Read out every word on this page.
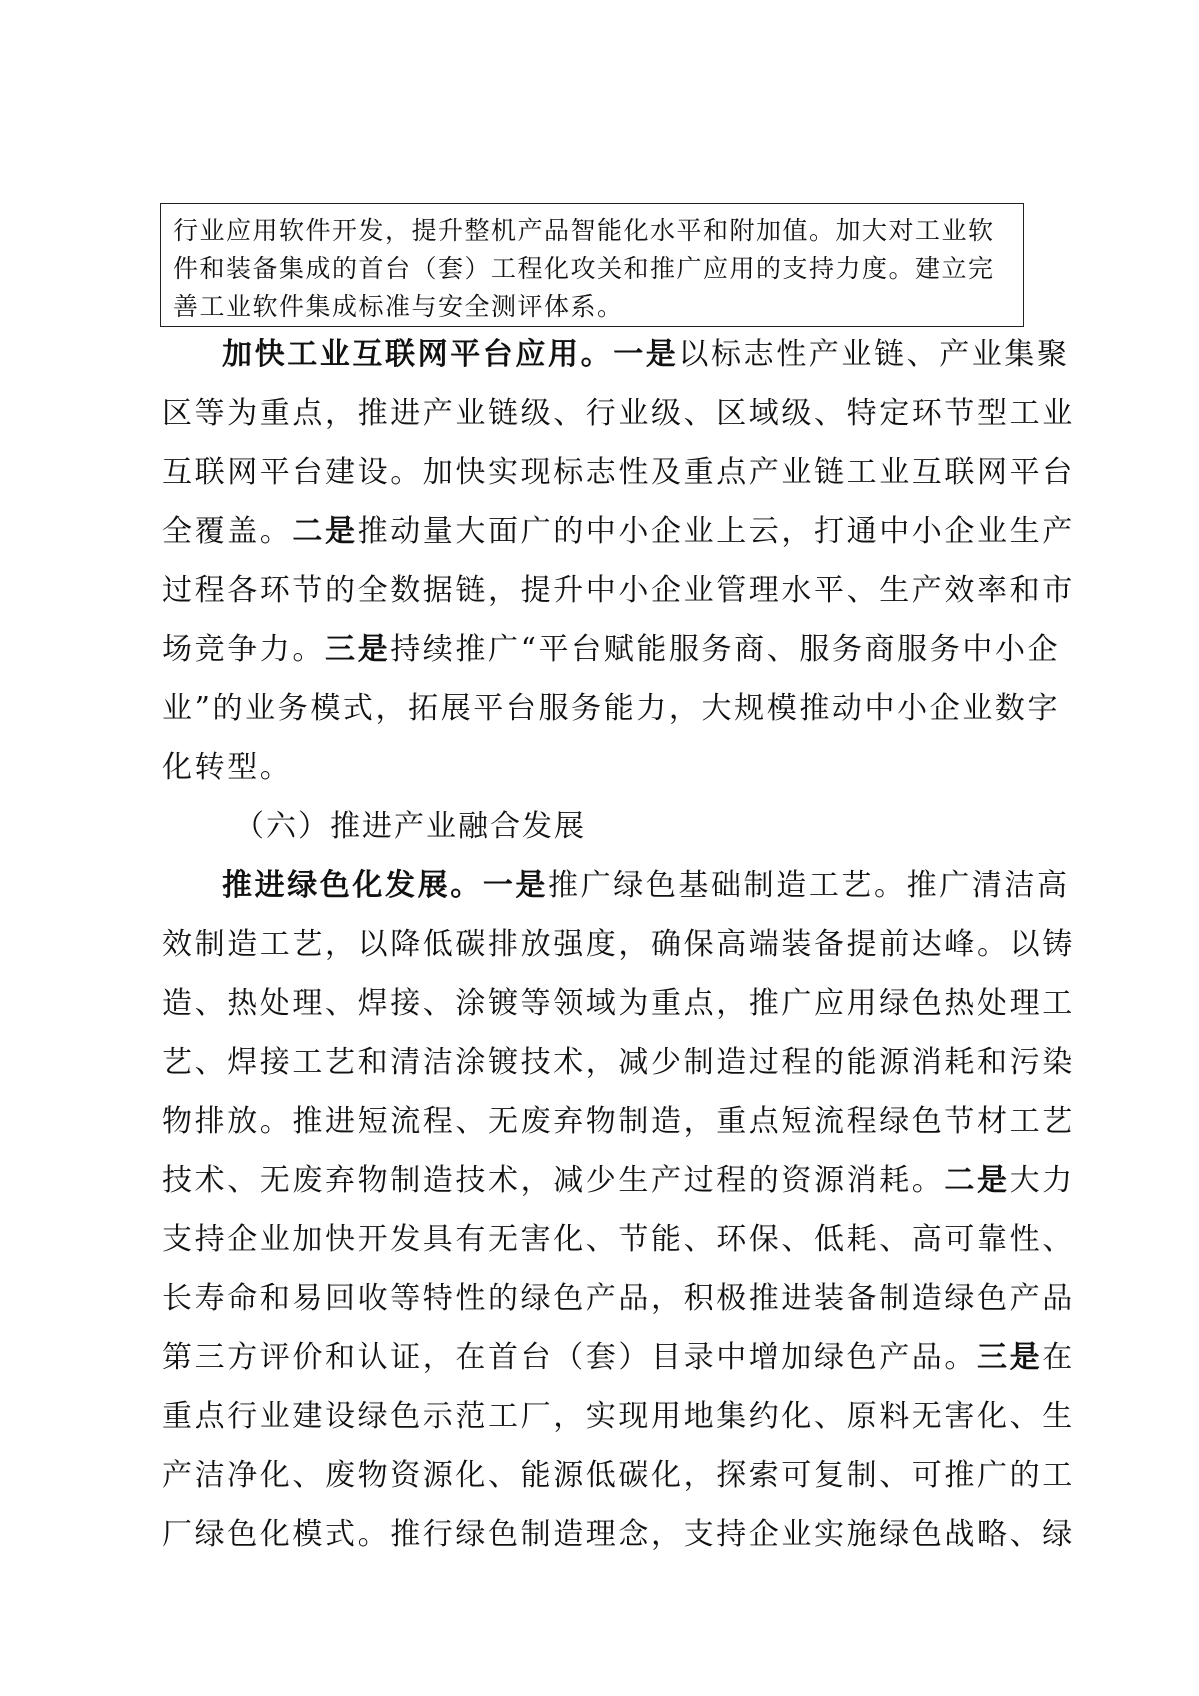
行业应用软件开发，提升整机产品智能化水平和附加值。加大对工业软
件和装备集成的首台（套）工程化攻关和推广应用的支持力度。建立完
善工业软件集成标准与安全测评体系。
加快工业互联网平台应用。一是以标志性产业链、产业集聚
区等为重点，推进产业链级、行业级、区域级、特定环节型工业
互联网平台建设。加快实现标志性及重点产业链工业互联网平台
全覆盖。二是推动量大面广的中小企业上云，打通中小企业生产
过程各环节的全数据链，提升中小企业管理水平、生产效率和市
场竞争力。三是持续推广“平台赋能服务商、服务商服务中小企
业”的业务模式，拓展平台服务能力，大规模推动中小企业数字
化转型。
（六）推进产业融合发展
推进绿色化发展。一是推广绿色基础制造工艺。推广清洁高
效制造工艺，以降低碳排放强度，确保高端装备提前达峰。以铸
造、热处理、焊接、涂镀等领域为重点，推广应用绿色热处理工
艺、焊接工艺和清洁涂镀技术，减少制造过程的能源消耗和污染
物排放。推进短流程、无废弃物制造，重点短流程绿色节材工艺
技术、无废弃物制造技术，减少生产过程的资源消耗。二是大力
支持企业加快开发具有无害化、节能、环保、低耗、高可靠性、
长寿命和易回收等特性的绿色产品，积极推进装备制造绿色产品
第三方评价和认证，在首台（套）目录中增加绿色产品。三是在
重点行业建设绿色示范工厂，实现用地集约化、原料无害化、生
产洁净化、废物资源化、能源低碳化，探索可复制、可推广的工
厂绿色化模式。推行绿色制造理念，支持企业实施绿色战略、绿
